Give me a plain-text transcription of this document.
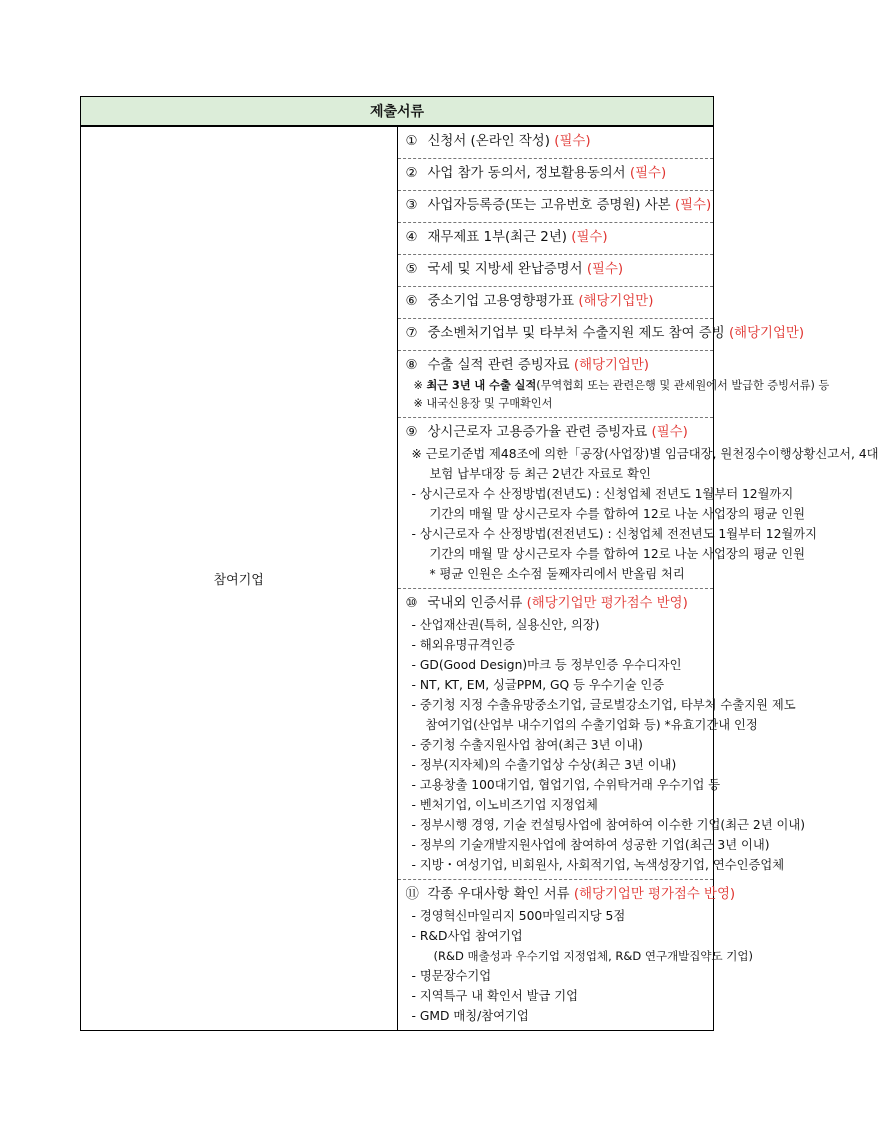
제출서류
참여기업	
① 신청서 (온라인 작성) (필수)
② 사업 참가 동의서, 정보활용동의서 (필수)
③ 사업자등록증(또는 고유번호 증명원) 사본 (필수)
④ 재무제표 1부(최근 2년) (필수)
⑤ 국세 및 지방세 완납증명서 (필수)
⑥ 중소기업 고용영향평가표 (해당기업만)
⑦ 중소벤처기업부 및 타부처 수출지원 제도 참여 증빙 (해당기업만)
⑧ 수출 실적 관련 증빙자료 (해당기업만)
※ 최근 3년 내 수출 실적(무역협회 또는 관련은행 및 관세원에서 발급한 증빙서류) 등
※ 내국신용장 및 구매확인서
⑨ 상시근로자 고용증가율 관련 증빙자료 (필수)
※ 근로기준법 제48조에 의한「공장(사업장)별 임금대장, 원천징수이행상황신고서, 4대
보험 납부대장 등 최근 2년간 자료로 확인
- 상시근로자 수 산정방법(전년도) : 신청업체 전년도 1월부터 12월까지
기간의 매월 말 상시근로자 수를 합하여 12로 나눈 사업장의 평균 인원
- 상시근로자 수 산정방법(전전년도) : 신청업체 전전년도 1월부터 12월까지
기간의 매월 말 상시근로자 수를 합하여 12로 나눈 사업장의 평균 인원
* 평균 인원은 소수점 둘째자리에서 반올림 처리
⑩ 국내외 인증서류 (해당기업만 평가점수 반영)
- 산업재산권(특허, 실용신안, 의장)
- 해외유명규격인증
- GD(Good Design)마크 등 정부인증 우수디자인
- NT, KT, EM, 싱글PPM, GQ 등 우수기술 인증
- 중기청 지정 수출유망중소기업, 글로벌강소기업, 타부처 수출지원 제도
참여기업(산업부 내수기업의 수출기업화 등) *유효기간내 인정
- 중기청 수출지원사업 참여(최근 3년 이내)
- 정부(지자체)의 수출기업상 수상(최근 3년 이내)
- 고용창출 100대기업, 협업기업, 수위탁거래 우수기업 등
- 벤처기업, 이노비즈기업 지정업체
- 정부시행 경영, 기술 컨설팅사업에 참여하여 이수한 기업(최근 2년 이내)
- 정부의 기술개발지원사업에 참여하여 성공한 기업(최근 3년 이내)
- 지방・여성기업, 비회원사, 사회적기업, 녹색성장기업, 연수인증업체
⑪ 각종 우대사항 확인 서류 (해당기업만 평가점수 반영)
- 경영혁신마일리지 500마일리지당 5점
- R&D사업 참여기업
(R&D 매출성과 우수기업 지정업체, R&D 연구개발집약도 기업)
- 명문장수기업
- 지역특구 내 확인서 발급 기업
- GMD 매칭/참여기업
